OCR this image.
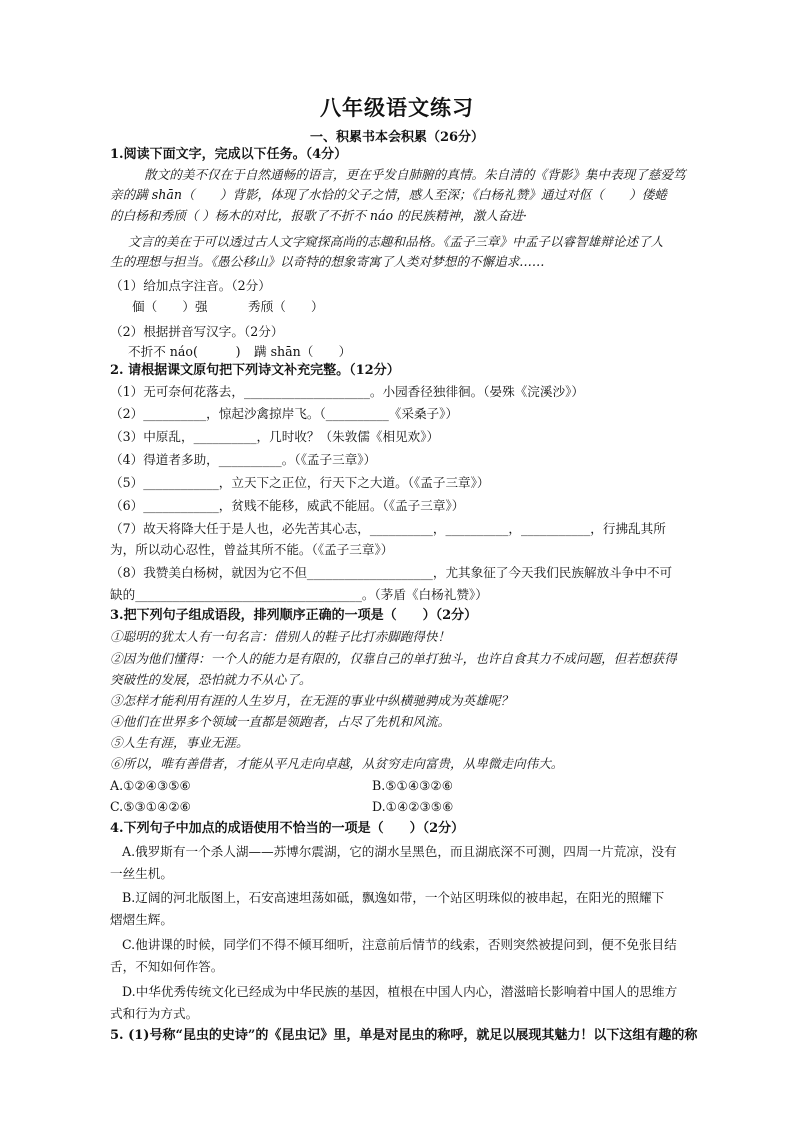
八年级语文练习
一、积累书本会积累（26分）
1.阅读下面文字，完成以下任务。（4分）
散文的美不仅在于自然通畅的语言，更在乎发自肺腑的真情。朱自清的《背影》集中表现了慈爱笃
亲的蹒 shān（　　）背影，体现了水恰的父子之情，感人至深；《白杨礼赞》通过对伛（　　）偻蜷
的白杨和秀颀（ ）杨木的对比，报歌了不折不 náo 的民族精神，激人奋进·
文言的美在于可以透过古人文字窥探高尚的志趣和品格。《孟子三章》中孟子以睿智雄辩论述了人
生的理想与担当。《愚公移山》以奇特的想象寄寓了人类对梦想的不懈追求……
（1）给加点字注音。（2分）
偭（　　）强	秀颀（　　）
（2）根据拼音写汉字。（2分）
不折不 náo(　　　) 蹒 shān（　　）
2. 请根据课文原句把下列诗文补充完整。（12分）
（1）无可奈何花落去，____________________。小园香径独徘徊。（晏殊《浣溪沙》）
（2）__________，惊起沙禽掠岸飞。（__________《采桑子》）
（3）中原乱，__________，几时收？（朱敦儒《相见欢》）
（4）得道者多助，__________。（《孟子三章》）
（5）____________，立天下之正位，行天下之大道。（《孟子三章》）
（6）____________，贫贱不能移，威武不能屈。（《孟子三章》）
（7）故天将降大任于是人也，必先苦其心志，__________，__________，___________，行拂乱其所
为，所以动心忍性，曾益其所不能。（《孟子三章》）
（8）我赞美白杨树，就因为它不但____________________，尤其象征了今天我们民族解放斗争中不可
缺的____________________________________。（茅盾《白杨礼赞》）
3.把下列句子组成语段，排列顺序正确的一项是（　　）（2分）
①聪明的犹太人有一句名言：借别人的鞋子比打赤脚跑得快！
②因为他们懂得：一个人的能力是有限的，仅靠自己的单打独斗，也许自食其力不成问题，但若想获得
突破性的发展，恐怕就力不从心了。
③怎样才能利用有涯的人生岁月，在无涯的事业中纵横驰骋成为英雄呢？
④他们在世界多个领域一直都是领跑者，占尽了先机和风流。
⑤人生有涯，事业无涯。
⑥所以，唯有善借者，才能从平凡走向卓越，从贫穷走向富贵，从卑微走向伟大。
A.①②④③⑤⑥	B.⑤①④③②⑥
C.⑤③①④②⑥	D.①④②③⑤⑥
4.下列句子中加点的成语使用不恰当的一项是（　　）（2分）
A.俄罗斯有一个杀人湖——苏博尔震湖，它的湖水呈黑色，而且湖底深不可测，四周一片荒凉，没有
一丝生机。
B.辽阔的河北版图上，石安高速坦荡如砥，飘逸如带，一个站区明珠似的被串起，在阳光的照耀下
熠熠生辉。
C.他讲课的时候，同学们不得不倾耳细听，注意前后情节的线索，否则突然被提问到，便不免张目结
舌，不知如何作答。
D.中华优秀传统文化已经成为中华民族的基因，植根在中国人内心，潜滋暗长影响着中国人的思维方
式和行为方式。
5. (1)号称“昆虫的史诗”的《昆虫记》里，单是对昆虫的称呼，就足以展现其魅力！以下这组有趣的称
